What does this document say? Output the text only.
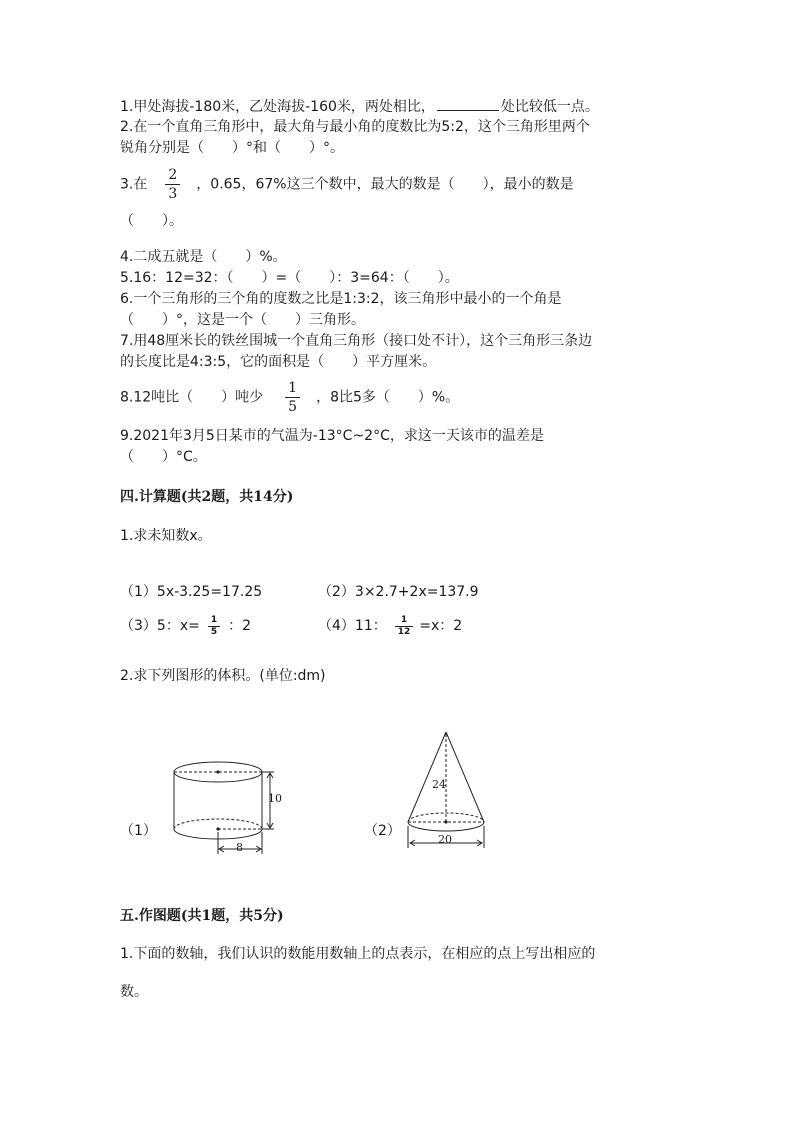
1.甲处海拔-180米，乙处海拔-160米，两处相比，	处比较低一点。
2.在一个直角三角形中，最大角与最小角的度数比为5:2，这个三角形里两个
锐角分别是（　　）°和（　　）°。
3.在 $\frac{2}{3}$ ，0.65，67%这三个数中，最大的数是（　　），最小的数是
（　　）。
4.二成五就是（　　）%。
5.16：12=32：（　　）=（　　）：3=64：（　　）。
6.一个三角形的三个角的度数之比是1:3:2，该三角形中最小的一个角是
（　　）°，这是一个（　　）三角形。
7.用48厘米长的铁丝围城一个直角三角形（接口处不计），这个三角形三条边
的长度比是4:3:5，它的面积是（　　）平方厘米。
8.12吨比（　　）吨少 $\frac{1}{5}$ ，8比5多（　　）%。
9.2021年3月5日某市的气温为-13°C~2°C，求这一天该市的温差是
（　　）°C。
四.计算题(共2题，共14分)
1.求未知数x。
（1）5x-3.25=17.25	（2）3×2.7+2x=137.9
（3）5：$x= \frac{1}{5}$ ：2	（4）11： $\frac{1}{12} =x$：2
2.求下列图形的体积。(单位:dm)
（1）
10
8
（2）
24
20
五.作图题(共1题，共5分)
1.下面的数轴，我们认识的数能用数轴上的点表示，在相应的点上写出相应的
数。
